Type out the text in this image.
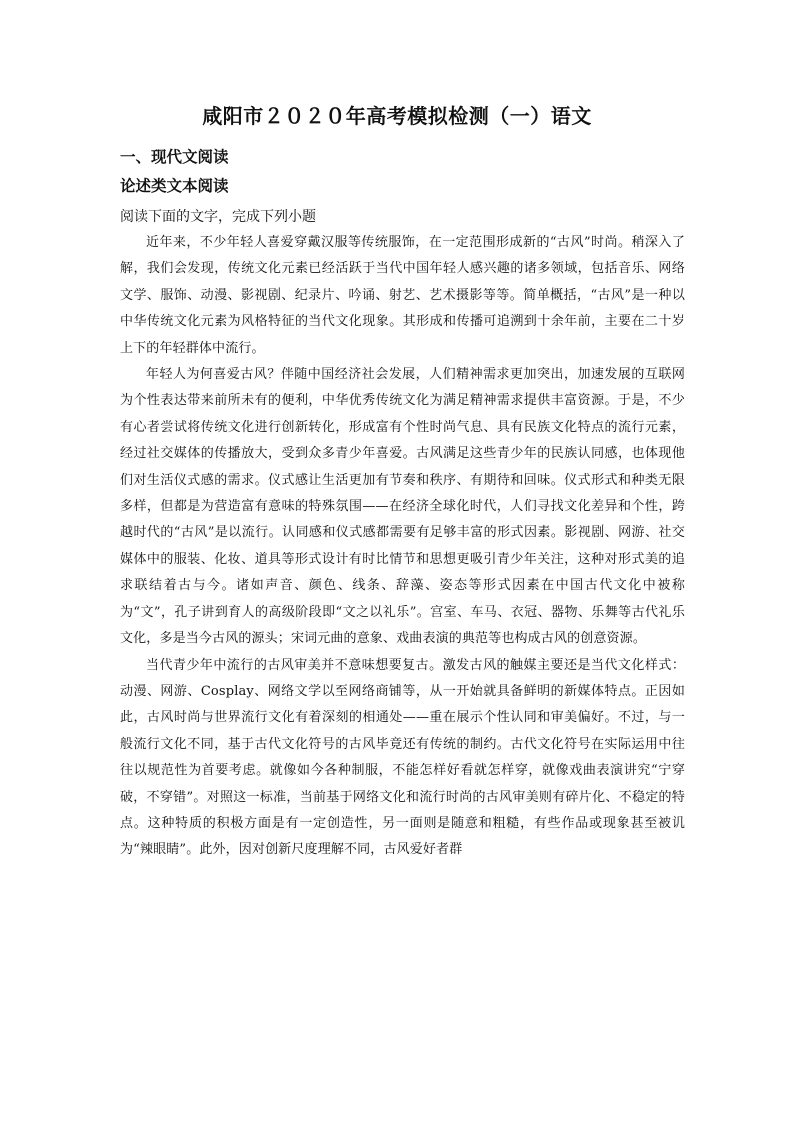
咸阳市２０２０年高考模拟检测（一）语文
一、现代文阅读
论述类文本阅读
阅读下面的文字，完成下列小题

近年来，不少年轻人喜爱穿戴汉服等传统服饰，在一定范围形成新的“古风”时尚。稍深入了解，我们会发现，传统文化元素已经活跃于当代中国年轻人感兴趣的诸多领域，包括音乐、网络文学、服饰、动漫、影视剧、纪录片、吟诵、射艺、艺术摄影等等。简单概括，“古风”是一种以中华传统文化元素为风格特征的当代文化现象。其形成和传播可追溯到十余年前，主要在二十岁上下的年轻群体中流行。

年轻人为何喜爱古风？伴随中国经济社会发展，人们精神需求更加突出，加速发展的互联网为个性表达带来前所未有的便利，中华优秀传统文化为满足精神需求提供丰富资源。于是，不少有心者尝试将传统文化进行创新转化，形成富有个性时尚气息、具有民族文化特点的流行元素，经过社交媒体的传播放大，受到众多青少年喜爱。古风满足这些青少年的民族认同感，也体现他们对生活仪式感的需求。仪式感让生活更加有节奏和秩序、有期待和回味。仪式形式和种类无限多样，但都是为营造富有意味的特殊氛围——在经济全球化时代，人们寻找文化差异和个性，跨越时代的“古风”是以流行。认同感和仪式感都需要有足够丰富的形式因素。影视剧、网游、社交媒体中的服装、化妆、道具等形式设计有时比情节和思想更吸引青少年关注，这种对形式美的追求联结着古与今。诸如声音、颜色、线条、辞藻、姿态等形式因素在中国古代文化中被称为“文”，孔子讲到育人的高级阶段即“文之以礼乐”。宫室、车马、衣冠、器物、乐舞等古代礼乐文化，多是当今古风的源头；宋词元曲的意象、戏曲表演的典范等也构成古风的创意资源。

当代青少年中流行的古风审美并不意味想要复古。激发古风的触媒主要还是当代文化样式：动漫、网游、Cosplay、网络文学以至网络商铺等，从一开始就具备鲜明的新媒体特点。正因如此，古风时尚与世界流行文化有着深刻的相通处——重在展示个性认同和审美偏好。不过，与一般流行文化不同，基于古代文化符号的古风毕竟还有传统的制约。古代文化符号在实际运用中往往以规范性为首要考虑。就像如今各种制服，不能怎样好看就怎样穿，就像戏曲表演讲究“宁穿破，不穿错”。对照这一标准，当前基于网络文化和流行时尚的古风审美则有碎片化、不稳定的特点。这种特质的积极方面是有一定创造性，另一面则是随意和粗糙，有些作品或现象甚至被讥为“辣眼睛”。此外，因对创新尺度理解不同，古风爱好者群
